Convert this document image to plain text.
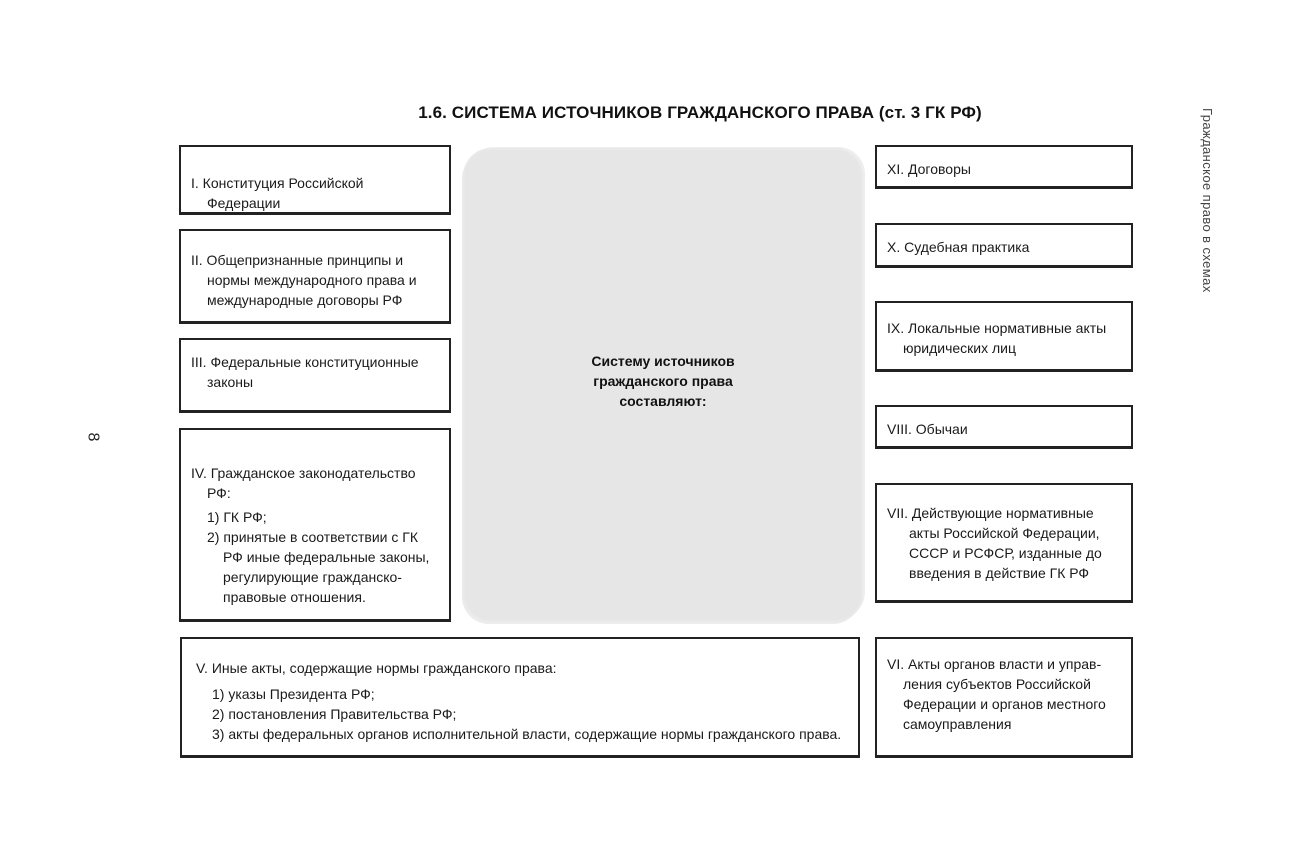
1.6. СИСТЕМА ИСТОЧНИКОВ ГРАЖДАНСКОГО ПРАВА (ст. 3 ГК РФ)	Гражданское право в схемах
8
Систему источников
гражданского права
составляют:
I. Конституция Российской Федерации
II. Общепризнанные принципы и нормы международного права и международные договоры РФ
III. Федеральные конституционные законы
IV. Гражданское законодательство РФ:
1) ГК РФ;
2) принятые в соответствии с ГК РФ иные федеральные законы, регулирующие гражданско-правовые отношения.
V. Иные акты, содержащие нормы гражданского права:
1) указы Президента РФ;
2) постановления Правительства РФ;
3) акты федеральных органов исполнительной власти, содержащие нормы гражданского права.
XI. Договоры
X. Судебная практика
IX. Локальные нормативные акты юридических лиц
VIII. Обычаи
VII. Действующие нормативные акты Российской Федерации, СССР и РСФСР, изданные до введения в действие ГК РФ
VI. Акты органов власти и управления субъектов Российской Федерации и органов местного самоуправления
